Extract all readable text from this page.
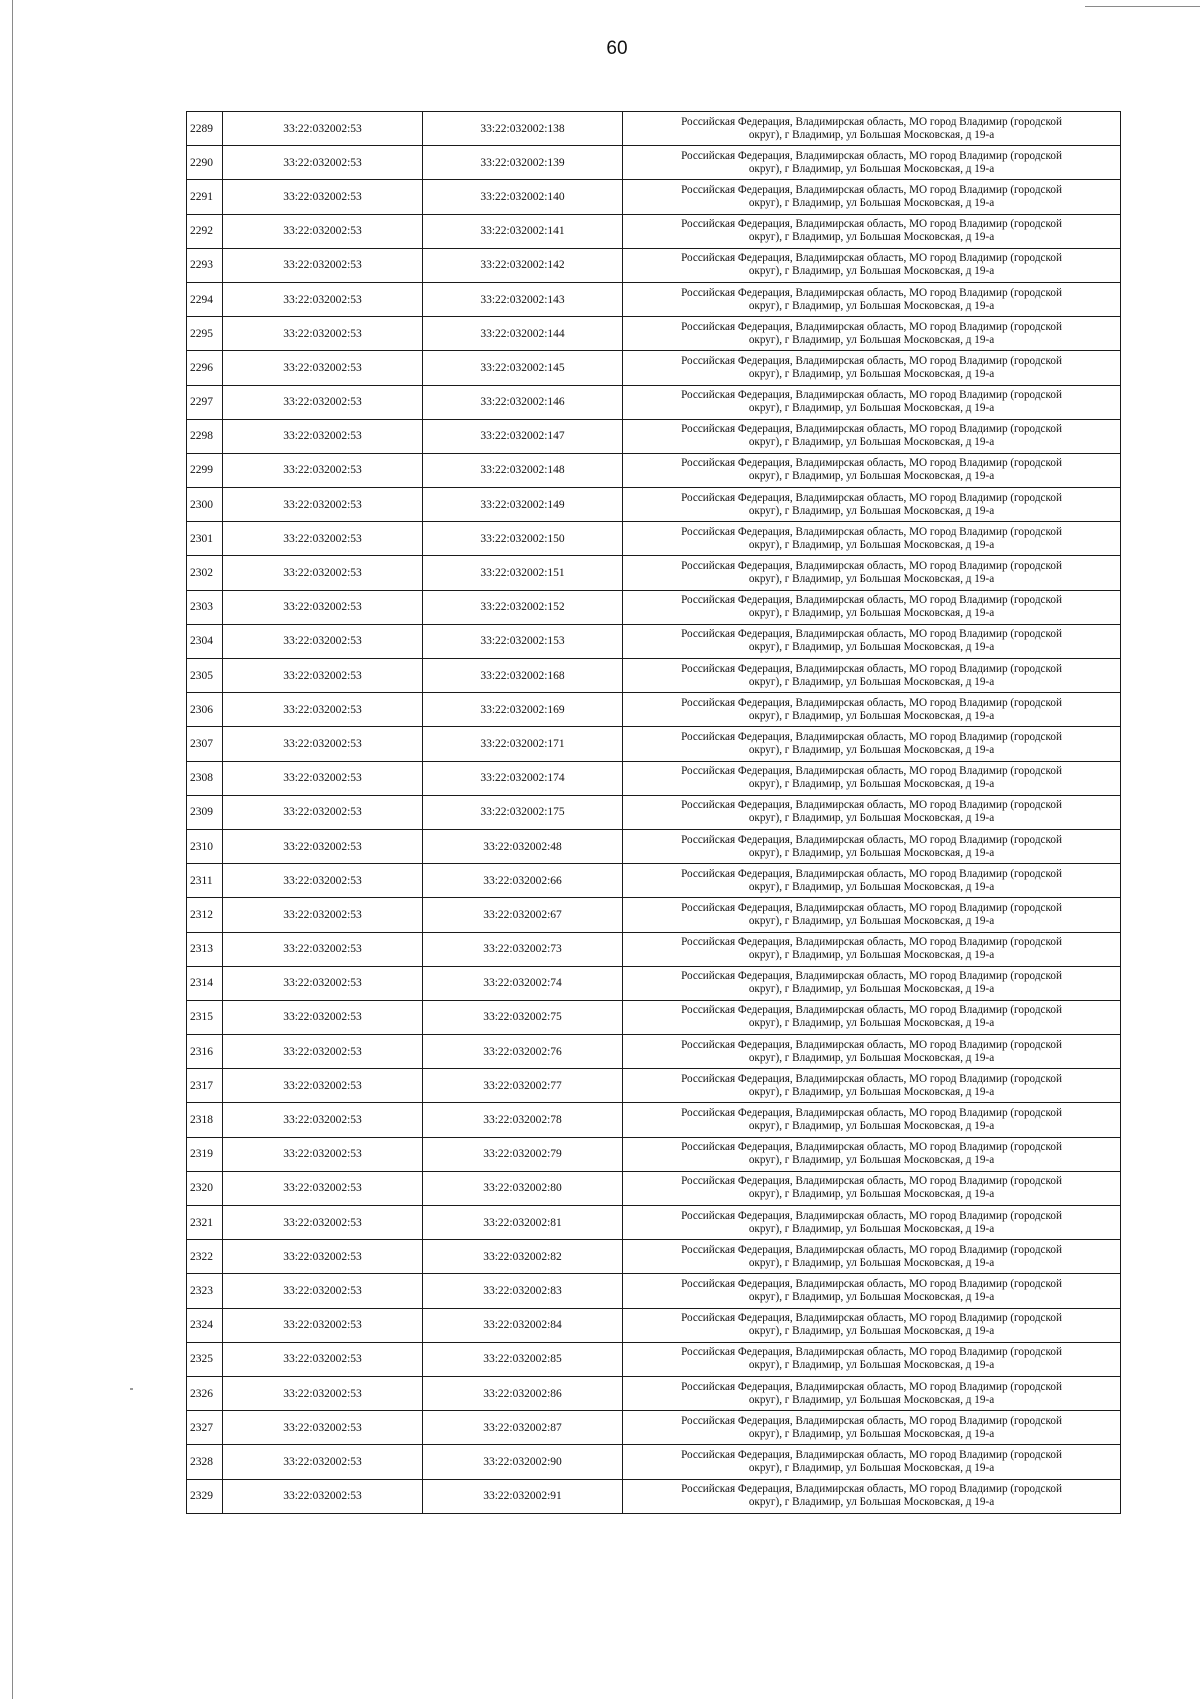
60
2289	33:22:032002:53	33:22:032002:138	Российская Федерация, Владимирская область, МО город Владимир (городской
округ), г Владимир, ул Большая Московская, д 19-а

2290	33:22:032002:53	33:22:032002:139	Российская Федерация, Владимирская область, МО город Владимир (городской
округ), г Владимир, ул Большая Московская, д 19-а

2291	33:22:032002:53	33:22:032002:140	Российская Федерация, Владимирская область, МО город Владимир (городской
округ), г Владимир, ул Большая Московская, д 19-а

2292	33:22:032002:53	33:22:032002:141	Российская Федерация, Владимирская область, МО город Владимир (городской
округ), г Владимир, ул Большая Московская, д 19-а

2293	33:22:032002:53	33:22:032002:142	Российская Федерация, Владимирская область, МО город Владимир (городской
округ), г Владимир, ул Большая Московская, д 19-а

2294	33:22:032002:53	33:22:032002:143	Российская Федерация, Владимирская область, МО город Владимир (городской
округ), г Владимир, ул Большая Московская, д 19-а

2295	33:22:032002:53	33:22:032002:144	Российская Федерация, Владимирская область, МО город Владимир (городской
округ), г Владимир, ул Большая Московская, д 19-а

2296	33:22:032002:53	33:22:032002:145	Российская Федерация, Владимирская область, МО город Владимир (городской
округ), г Владимир, ул Большая Московская, д 19-а

2297	33:22:032002:53	33:22:032002:146	Российская Федерация, Владимирская область, МО город Владимир (городской
округ), г Владимир, ул Большая Московская, д 19-а

2298	33:22:032002:53	33:22:032002:147	Российская Федерация, Владимирская область, МО город Владимир (городской
округ), г Владимир, ул Большая Московская, д 19-а

2299	33:22:032002:53	33:22:032002:148	Российская Федерация, Владимирская область, МО город Владимир (городской
округ), г Владимир, ул Большая Московская, д 19-а

2300	33:22:032002:53	33:22:032002:149	Российская Федерация, Владимирская область, МО город Владимир (городской
округ), г Владимир, ул Большая Московская, д 19-а

2301	33:22:032002:53	33:22:032002:150	Российская Федерация, Владимирская область, МО город Владимир (городской
округ), г Владимир, ул Большая Московская, д 19-а

2302	33:22:032002:53	33:22:032002:151	Российская Федерация, Владимирская область, МО город Владимир (городской
округ), г Владимир, ул Большая Московская, д 19-а

2303	33:22:032002:53	33:22:032002:152	Российская Федерация, Владимирская область, МО город Владимир (городской
округ), г Владимир, ул Большая Московская, д 19-а

2304	33:22:032002:53	33:22:032002:153	Российская Федерация, Владимирская область, МО город Владимир (городской
округ), г Владимир, ул Большая Московская, д 19-а

2305	33:22:032002:53	33:22:032002:168	Российская Федерация, Владимирская область, МО город Владимир (городской
округ), г Владимир, ул Большая Московская, д 19-а

2306	33:22:032002:53	33:22:032002:169	Российская Федерация, Владимирская область, МО город Владимир (городской
округ), г Владимир, ул Большая Московская, д 19-а

2307	33:22:032002:53	33:22:032002:171	Российская Федерация, Владимирская область, МО город Владимир (городской
округ), г Владимир, ул Большая Московская, д 19-а

2308	33:22:032002:53	33:22:032002:174	Российская Федерация, Владимирская область, МО город Владимир (городской
округ), г Владимир, ул Большая Московская, д 19-а

2309	33:22:032002:53	33:22:032002:175	Российская Федерация, Владимирская область, МО город Владимир (городской
округ), г Владимир, ул Большая Московская, д 19-а

2310	33:22:032002:53	33:22:032002:48	Российская Федерация, Владимирская область, МО город Владимир (городской
округ), г Владимир, ул Большая Московская, д 19-а

2311	33:22:032002:53	33:22:032002:66	Российская Федерация, Владимирская область, МО город Владимир (городской
округ), г Владимир, ул Большая Московская, д 19-а

2312	33:22:032002:53	33:22:032002:67	Российская Федерация, Владимирская область, МО город Владимир (городской
округ), г Владимир, ул Большая Московская, д 19-а

2313	33:22:032002:53	33:22:032002:73	Российская Федерация, Владимирская область, МО город Владимир (городской
округ), г Владимир, ул Большая Московская, д 19-а

2314	33:22:032002:53	33:22:032002:74	Российская Федерация, Владимирская область, МО город Владимир (городской
округ), г Владимир, ул Большая Московская, д 19-а

2315	33:22:032002:53	33:22:032002:75	Российская Федерация, Владимирская область, МО город Владимир (городской
округ), г Владимир, ул Большая Московская, д 19-а

2316	33:22:032002:53	33:22:032002:76	Российская Федерация, Владимирская область, МО город Владимир (городской
округ), г Владимир, ул Большая Московская, д 19-а

2317	33:22:032002:53	33:22:032002:77	Российская Федерация, Владимирская область, МО город Владимир (городской
округ), г Владимир, ул Большая Московская, д 19-а

2318	33:22:032002:53	33:22:032002:78	Российская Федерация, Владимирская область, МО город Владимир (городской
округ), г Владимир, ул Большая Московская, д 19-а

2319	33:22:032002:53	33:22:032002:79	Российская Федерация, Владимирская область, МО город Владимир (городской
округ), г Владимир, ул Большая Московская, д 19-а

2320	33:22:032002:53	33:22:032002:80	Российская Федерация, Владимирская область, МО город Владимир (городской
округ), г Владимир, ул Большая Московская, д 19-а

2321	33:22:032002:53	33:22:032002:81	Российская Федерация, Владимирская область, МО город Владимир (городской
округ), г Владимир, ул Большая Московская, д 19-а

2322	33:22:032002:53	33:22:032002:82	Российская Федерация, Владимирская область, МО город Владимир (городской
округ), г Владимир, ул Большая Московская, д 19-а

2323	33:22:032002:53	33:22:032002:83	Российская Федерация, Владимирская область, МО город Владимир (городской
округ), г Владимир, ул Большая Московская, д 19-а

2324	33:22:032002:53	33:22:032002:84	Российская Федерация, Владимирская область, МО город Владимир (городской
округ), г Владимир, ул Большая Московская, д 19-а

2325	33:22:032002:53	33:22:032002:85	Российская Федерация, Владимирская область, МО город Владимир (городской
округ), г Владимир, ул Большая Московская, д 19-а

2326	33:22:032002:53	33:22:032002:86	Российская Федерация, Владимирская область, МО город Владимир (городской
округ), г Владимир, ул Большая Московская, д 19-а

2327	33:22:032002:53	33:22:032002:87	Российская Федерация, Владимирская область, МО город Владимир (городской
округ), г Владимир, ул Большая Московская, д 19-а

2328	33:22:032002:53	33:22:032002:90	Российская Федерация, Владимирская область, МО город Владимир (городской
округ), г Владимир, ул Большая Московская, д 19-а

2329	33:22:032002:53	33:22:032002:91	Российская Федерация, Владимирская область, МО город Владимир (городской
округ), г Владимир, ул Большая Московская, д 19-а
